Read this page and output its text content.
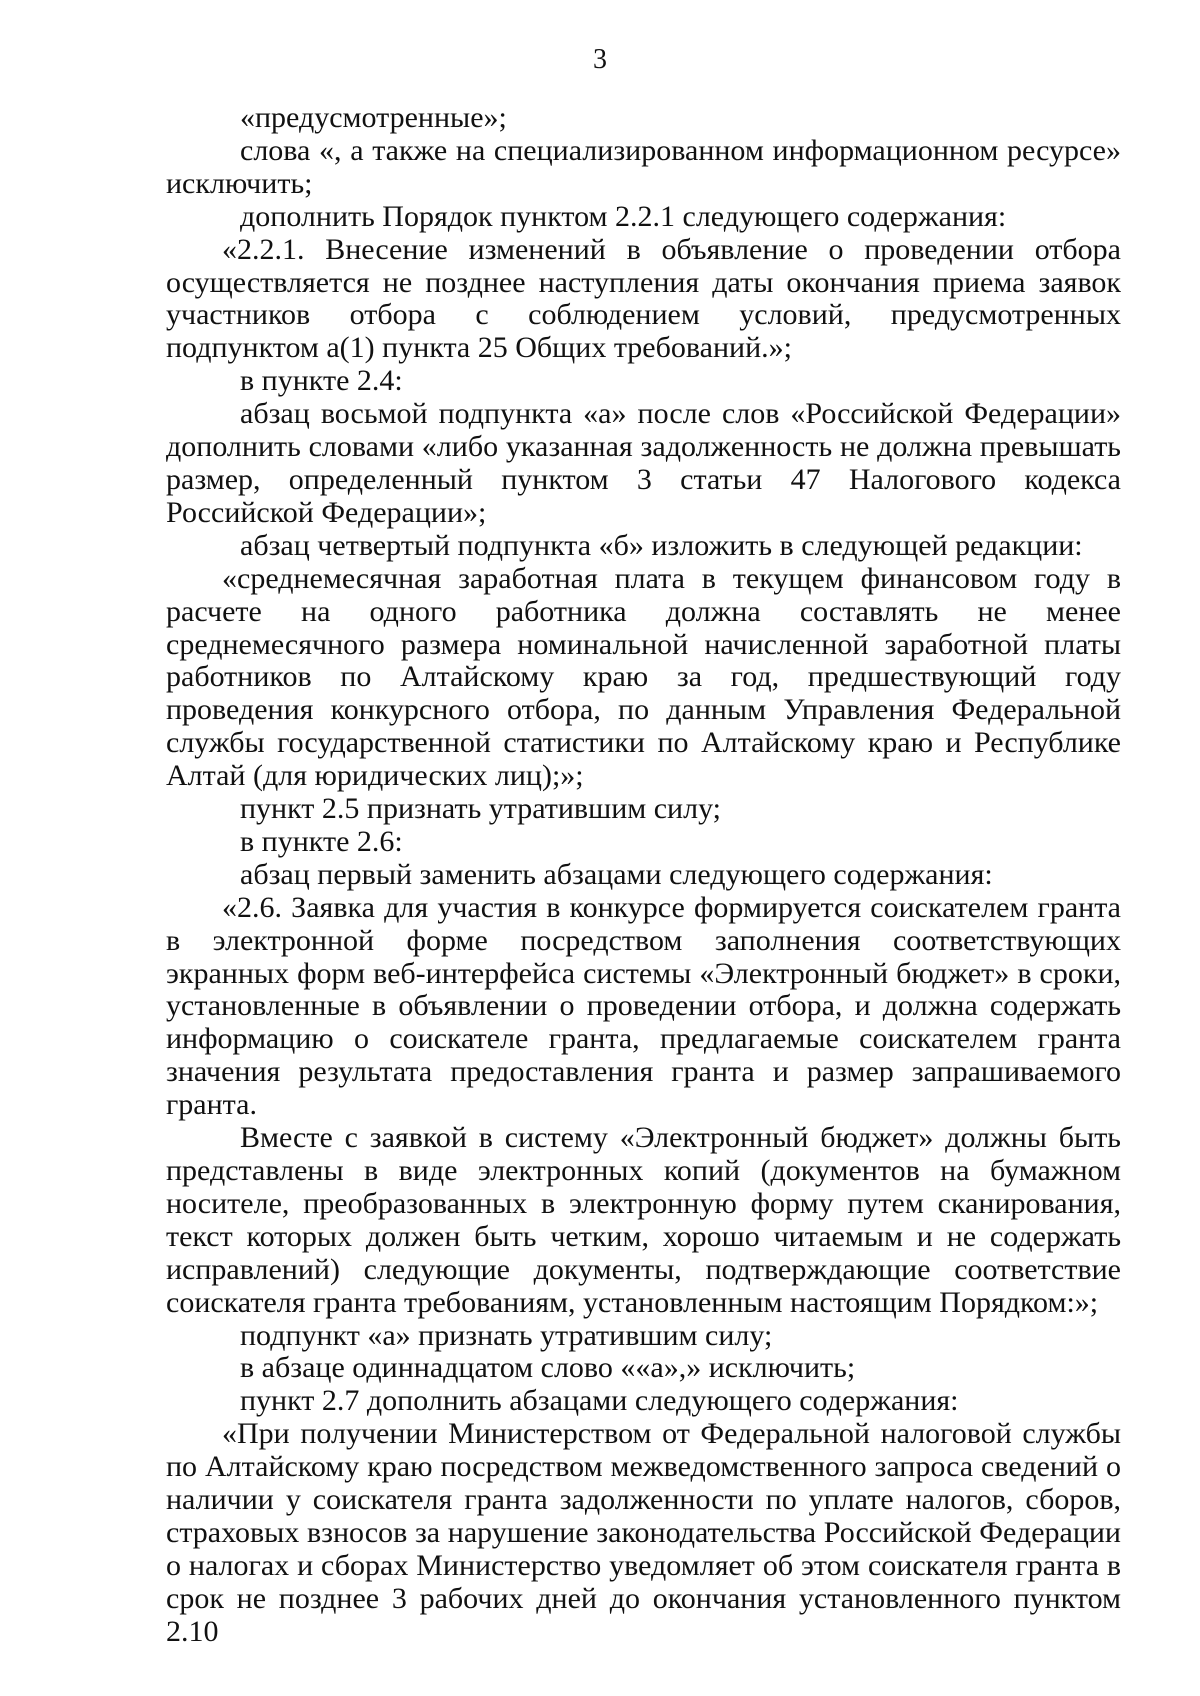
3

«предусмотренные»;

слова «, а также на специализированном информационном ресурсе» исключить;

дополнить Порядок пунктом 2.2.1 следующего содержания:

«2.2.1. Внесение изменений в объявление о проведении отбора осуществляется не позднее наступления даты окончания приема заявок участников отбора с соблюдением условий, предусмотренных подпунктом а(1) пункта 25 Общих требований.»;

в пункте 2.4:

абзац восьмой подпункта «а» после слов «Российской Федерации» дополнить словами «либо указанная задолженность не должна превышать размер, определенный пунктом 3 статьи 47 Налогового кодекса Российской Федерации»;

абзац четвертый подпункта «б» изложить в следующей редакции:

«среднемесячная заработная плата в текущем финансовом году в расчете на одного работника должна составлять не менее среднемесячного размера номинальной начисленной заработной платы работников по Алтайскому краю за год, предшествующий году проведения конкурсного отбора, по данным Управления Федеральной службы государственной статистики по Алтайскому краю и Республике Алтай (для юридических лиц);»;

пункт 2.5 признать утратившим силу;

в пункте 2.6:

абзац первый заменить абзацами следующего содержания:

«2.6. Заявка для участия в конкурсе формируется соискателем гранта в электронной форме посредством заполнения соответствующих экранных форм веб-интерфейса системы «Электронный бюджет» в сроки, установленные в объявлении о проведении отбора, и должна содержать информацию о соискателе гранта, предлагаемые соискателем гранта значения результата предоставления гранта и размер запрашиваемого гранта.

Вместе с заявкой в систему «Электронный бюджет» должны быть представлены в виде электронных копий (документов на бумажном носителе, преобразованных в электронную форму путем сканирования, текст которых должен быть четким, хорошо читаемым и не содержать исправлений) следующие документы, подтверждающие соответствие соискателя гранта требованиям, установленным настоящим Порядком:»;

подпункт «а» признать утратившим силу;

в абзаце одиннадцатом слово ««а»,» исключить;

пункт 2.7 дополнить абзацами следующего содержания:

«При получении Министерством от Федеральной налоговой службы по Алтайскому краю посредством межведомственного запроса сведений о наличии у соискателя гранта задолженности по уплате налогов, сборов, страховых взносов за нарушение законодательства Российской Федерации о налогах и сборах Министерство уведомляет об этом соискателя гранта в срок не позднее 3 рабочих дней до окончания установленного пунктом 2.10
